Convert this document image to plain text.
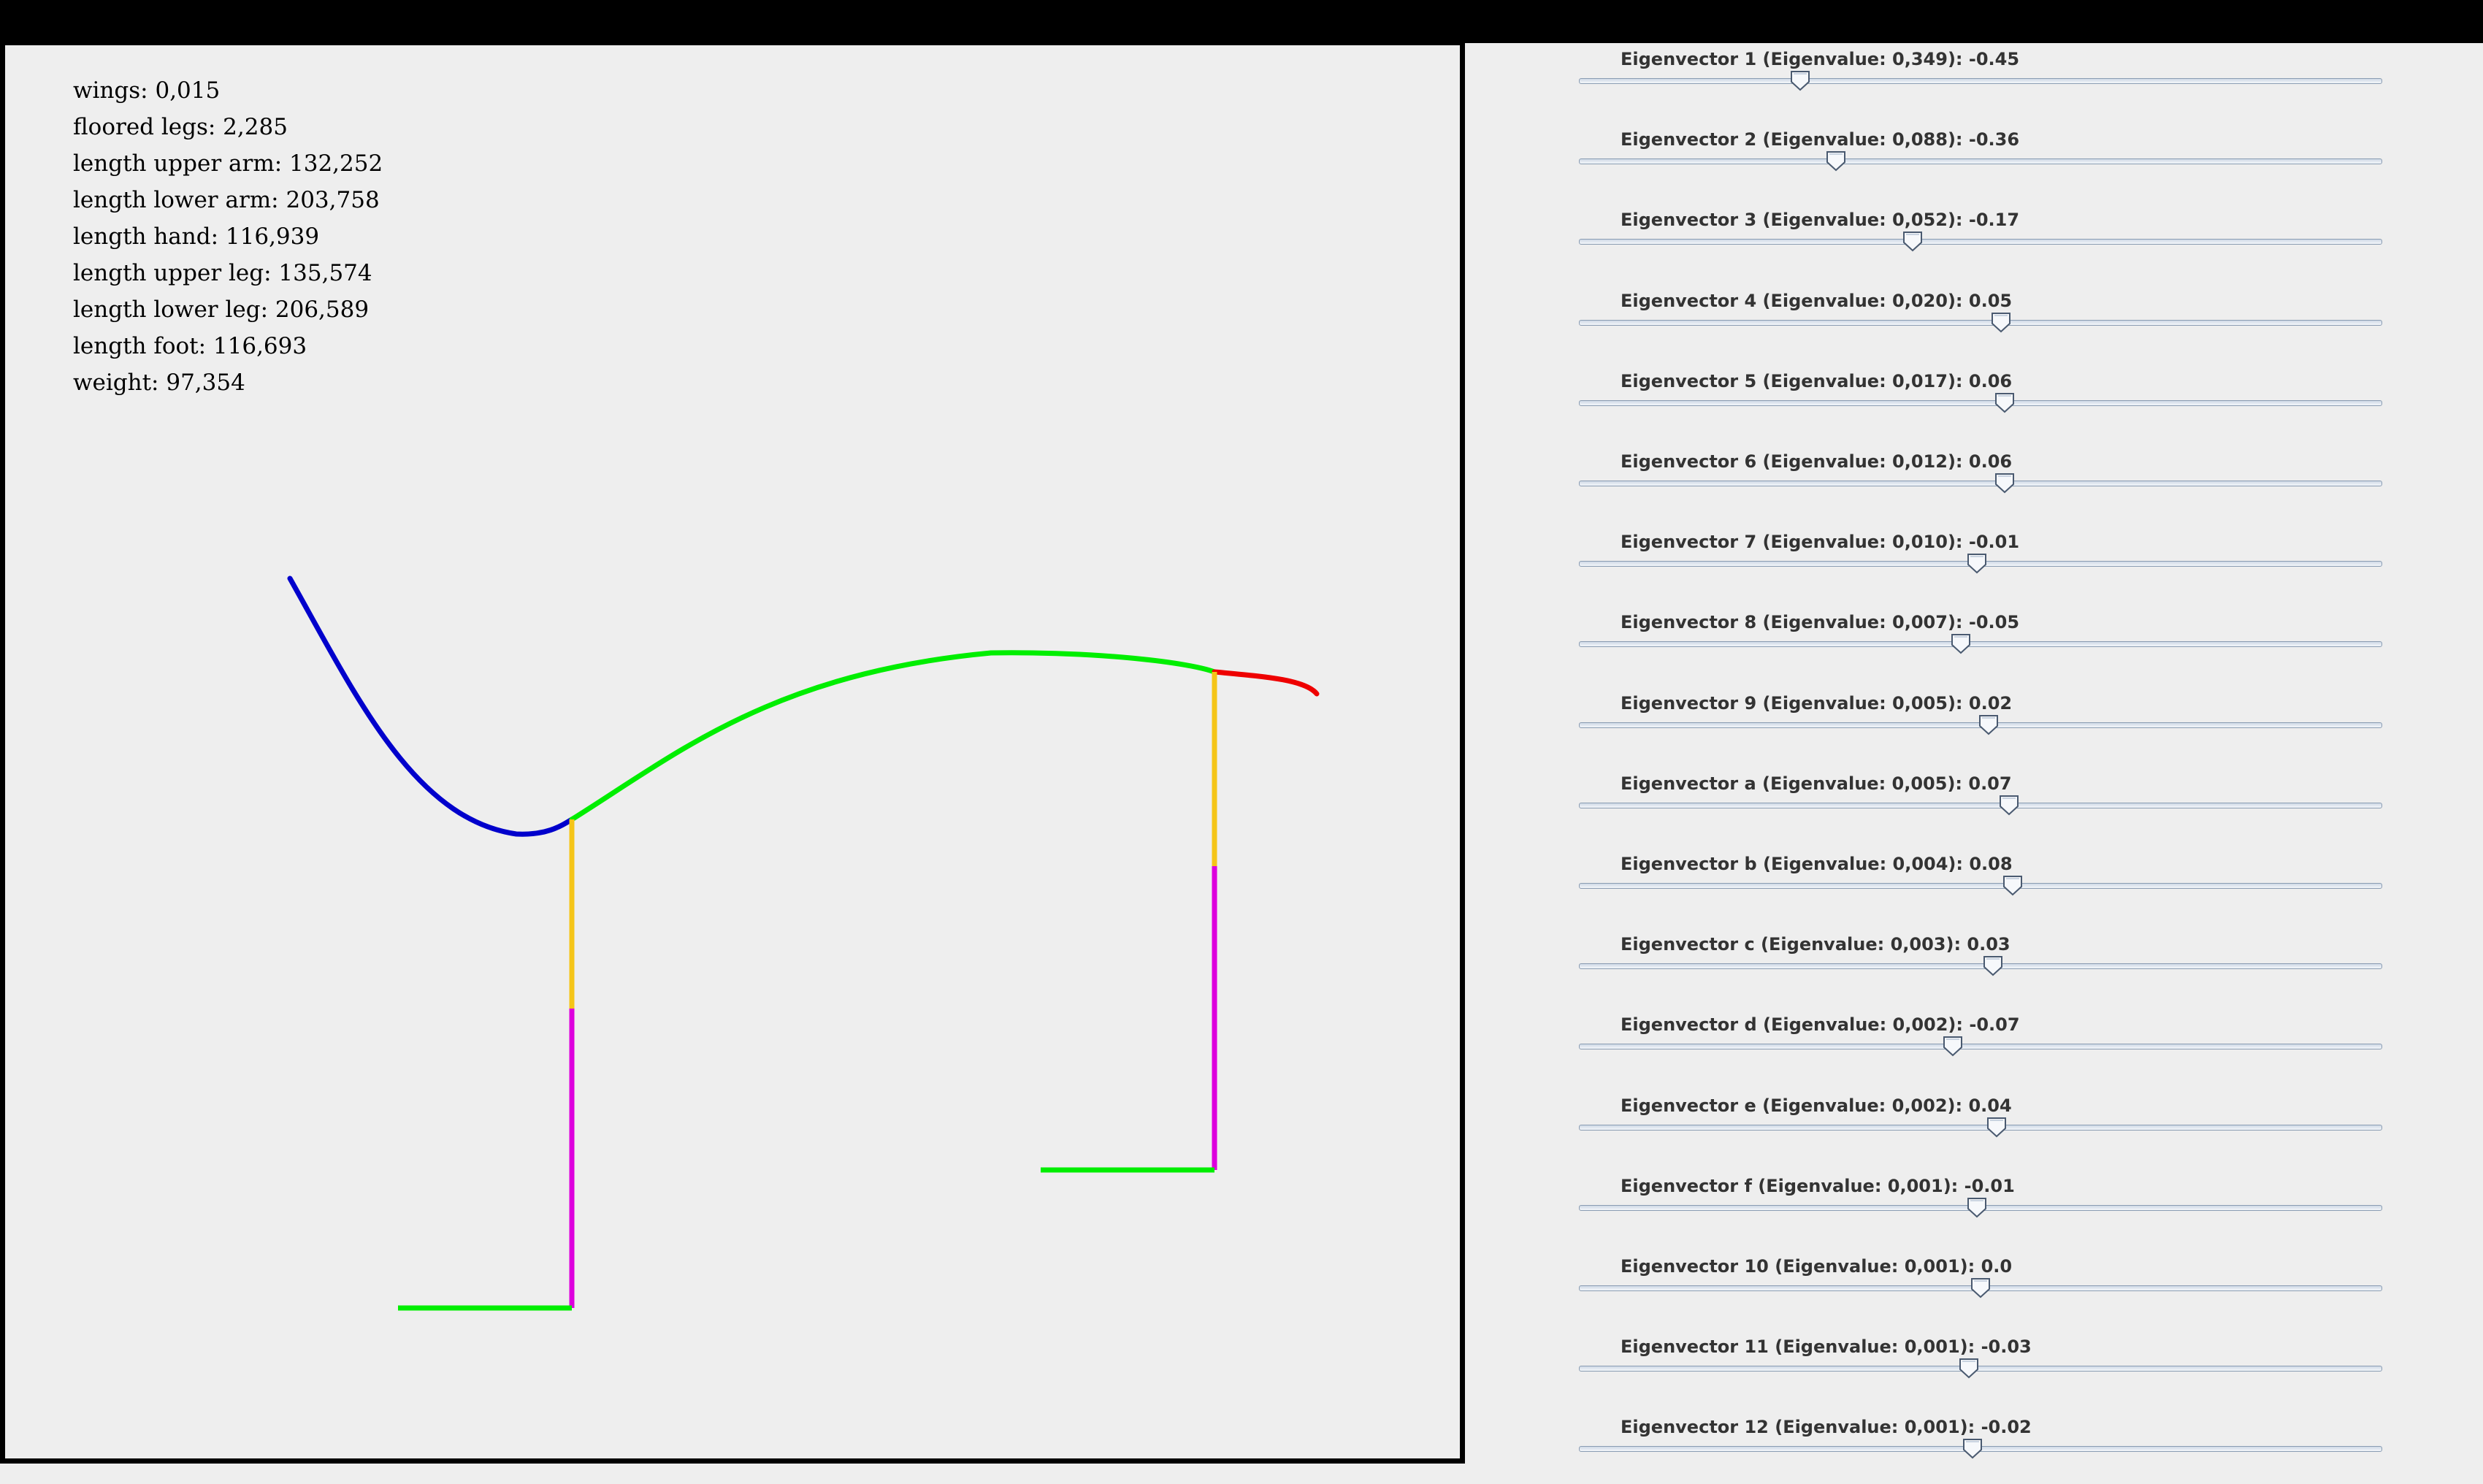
wings: 0,015
floored legs: 2,285
length upper arm: 132,252
length lower arm: 203,758
length hand: 116,939
length upper leg: 135,574
length lower leg: 206,589
length foot: 116,693
weight: 97,354
Eigenvector 1 (Eigenvalue: 0,349): -0.45
Eigenvector 2 (Eigenvalue: 0,088): -0.36
Eigenvector 3 (Eigenvalue: 0,052): -0.17
Eigenvector 4 (Eigenvalue: 0,020): 0.05
Eigenvector 5 (Eigenvalue: 0,017): 0.06
Eigenvector 6 (Eigenvalue: 0,012): 0.06
Eigenvector 7 (Eigenvalue: 0,010): -0.01
Eigenvector 8 (Eigenvalue: 0,007): -0.05
Eigenvector 9 (Eigenvalue: 0,005): 0.02
Eigenvector a (Eigenvalue: 0,005): 0.07
Eigenvector b (Eigenvalue: 0,004): 0.08
Eigenvector c (Eigenvalue: 0,003): 0.03
Eigenvector d (Eigenvalue: 0,002): -0.07
Eigenvector e (Eigenvalue: 0,002): 0.04
Eigenvector f (Eigenvalue: 0,001): -0.01
Eigenvector 10 (Eigenvalue: 0,001): 0.0
Eigenvector 11 (Eigenvalue: 0,001): -0.03
Eigenvector 12 (Eigenvalue: 0,001): -0.02
